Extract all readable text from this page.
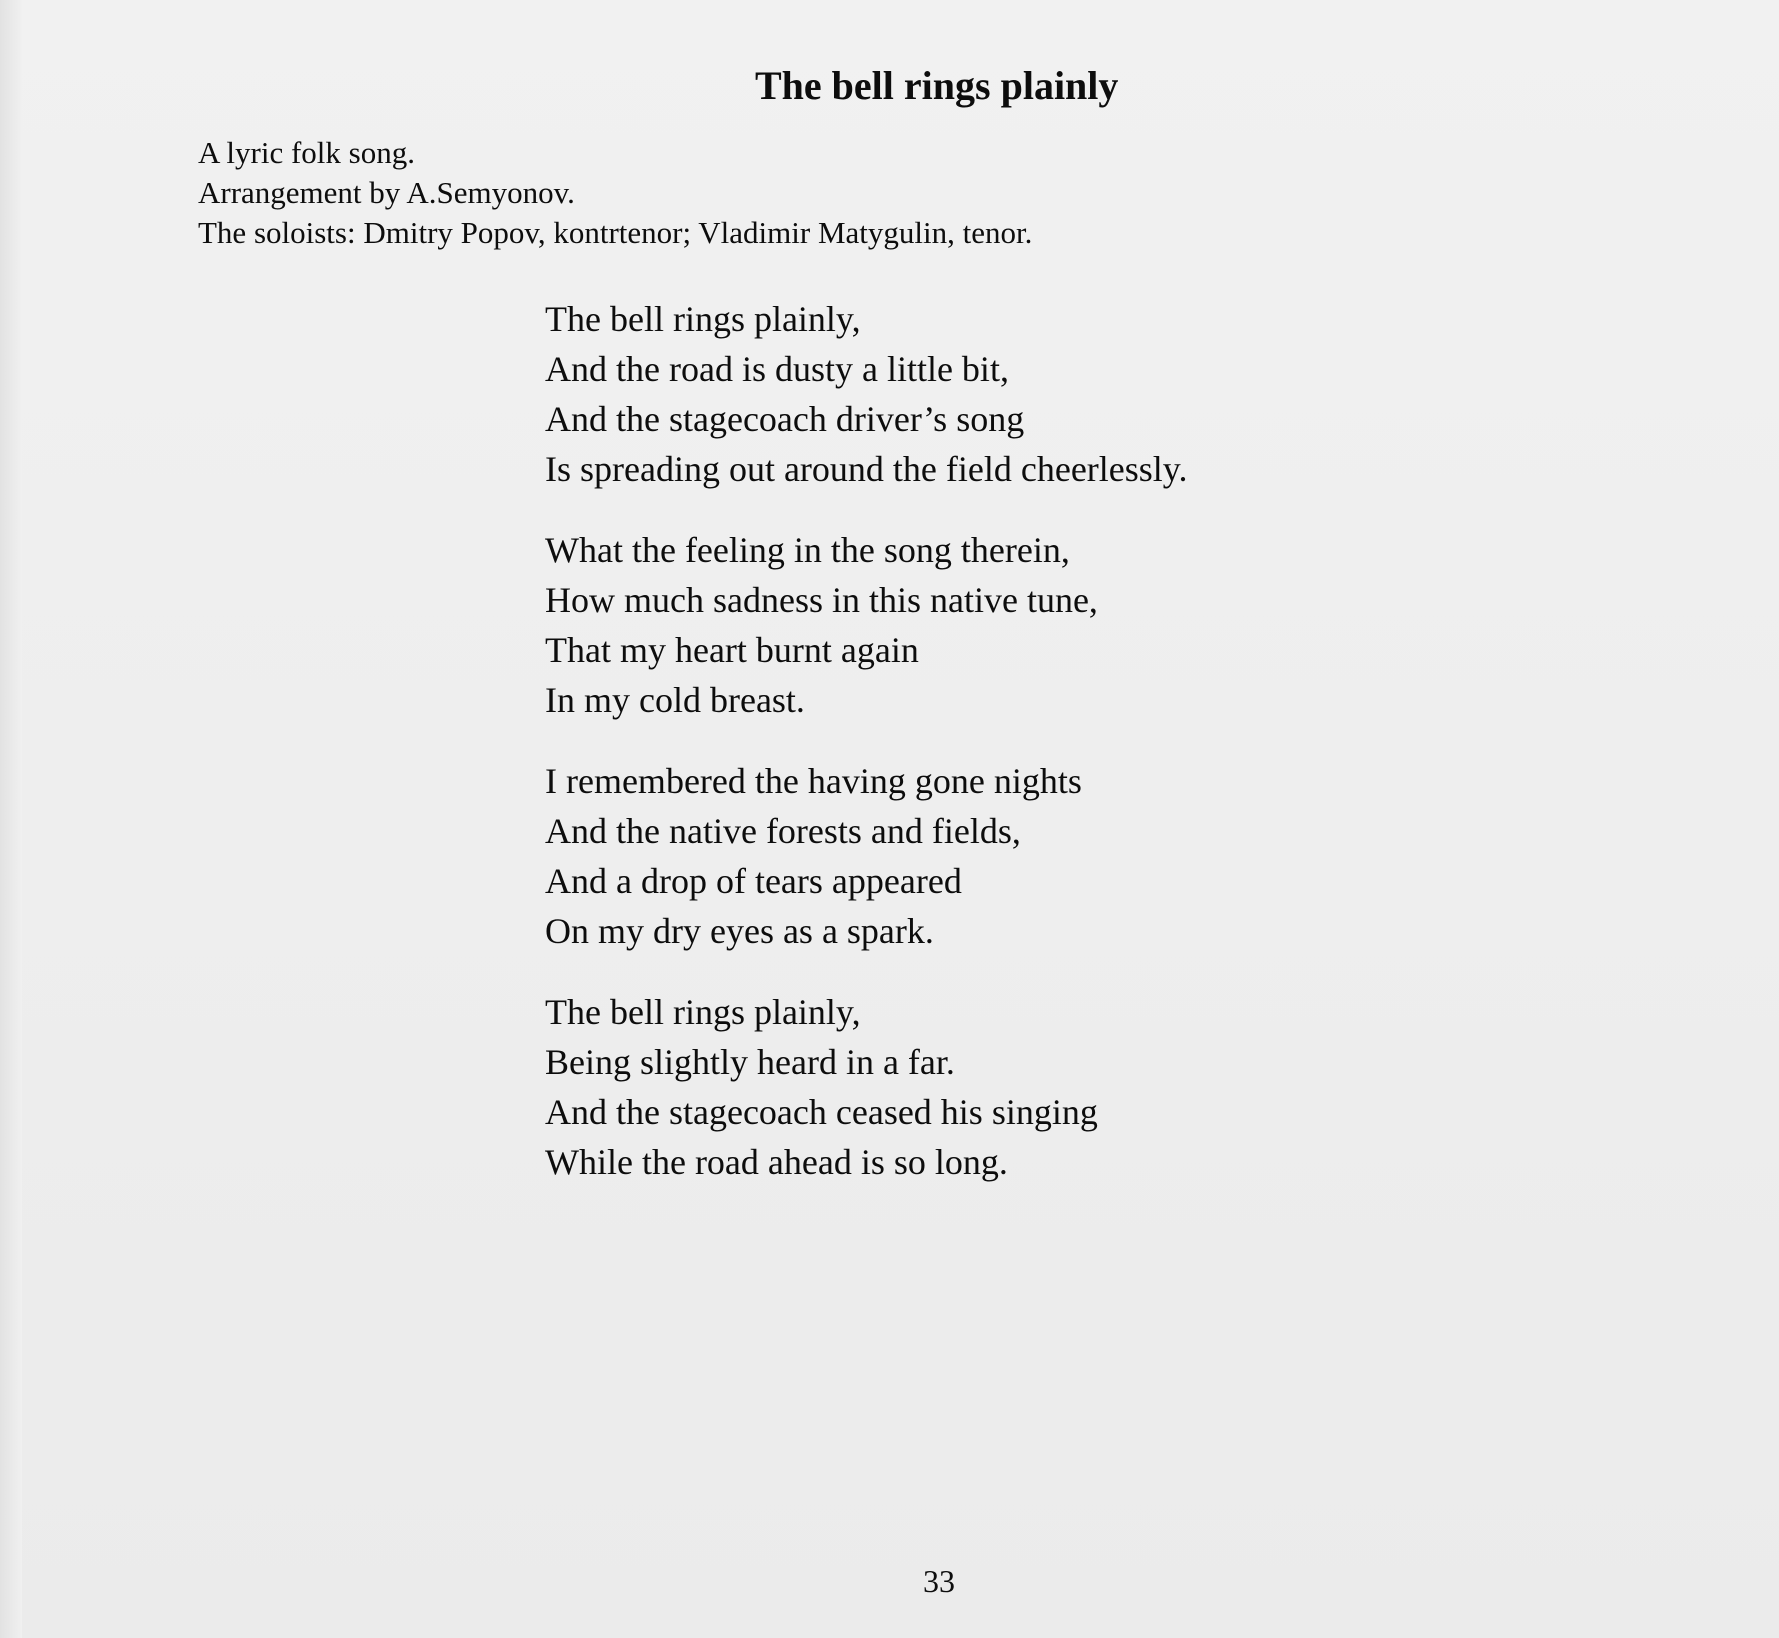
The bell rings plainly
A lyric folk song.
Arrangement by A.Semyonov.
The soloists: Dmitry Popov, kontrtenor; Vladimir Matygulin, tenor.
The bell rings plainly,
And the road is dusty a little bit,
And the stagecoach driver’s song
Is spreading out around the field cheerlessly.
What the feeling in the song therein,
How much sadness in this native tune,
That my heart burnt again
In my cold breast.
I remembered the having gone nights
And the native forests and fields,
And a drop of tears appeared
On my dry eyes as a spark.
The bell rings plainly,
Being slightly heard in a far.
And the stagecoach ceased his singing
While the road ahead is so long.
33
